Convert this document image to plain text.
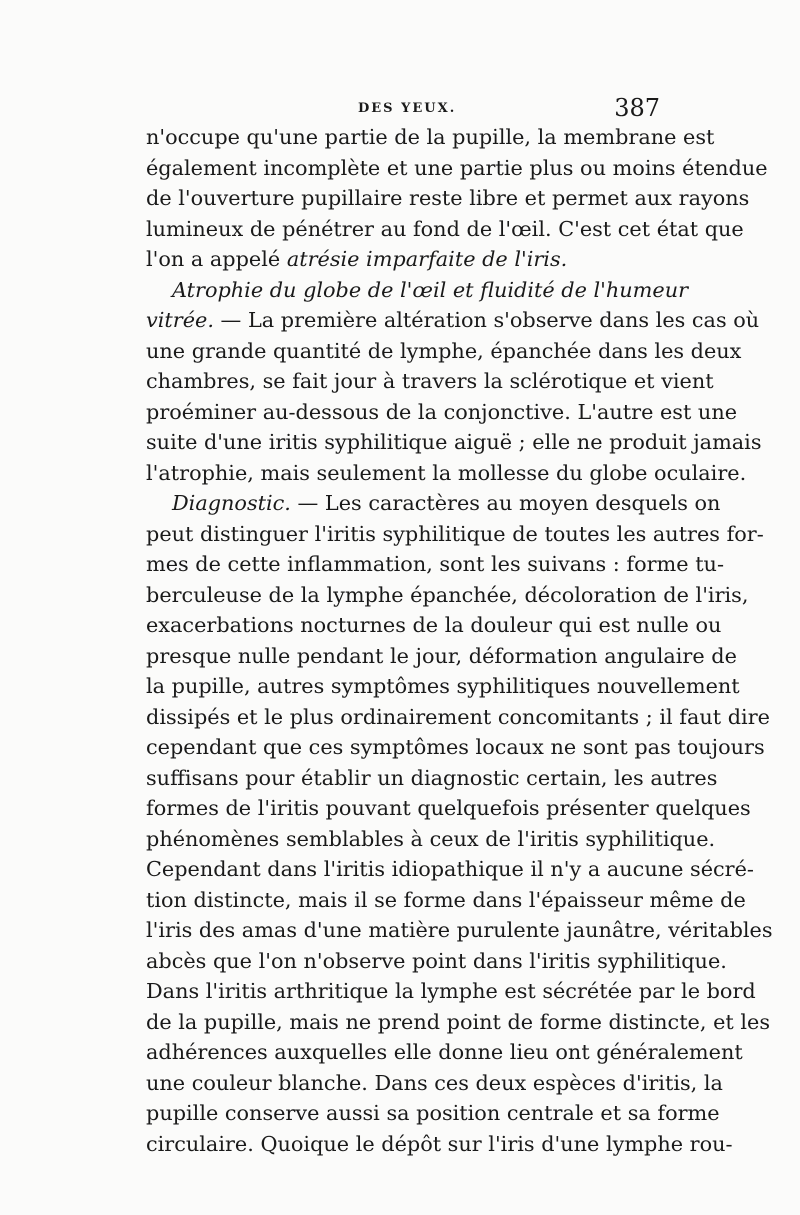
DES YEUX.	387
n'occupe qu'une partie de la pupille, la membrane est
également incomplète et une partie plus ou moins étendue
de l'ouverture pupillaire reste libre et permet aux rayons
lumineux de pénétrer au fond de l'œil. C'est cet état que
l'on a appelé atrésie imparfaite de l'iris.
Atrophie du globe de l'œil et fluidité de l'humeur
vitrée. — La première altération s'observe dans les cas où
une grande quantité de lymphe, épanchée dans les deux
chambres, se fait jour à travers la sclérotique et vient
proéminer au-dessous de la conjonctive. L'autre est une
suite d'une iritis syphilitique aiguë ; elle ne produit jamais
l'atrophie, mais seulement la mollesse du globe oculaire.
Diagnostic. — Les caractères au moyen desquels on
peut distinguer l'iritis syphilitique de toutes les autres for-
mes de cette inflammation, sont les suivans : forme tu-
berculeuse de la lymphe épanchée, décoloration de l'iris,
exacerbations nocturnes de la douleur qui est nulle ou
presque nulle pendant le jour, déformation angulaire de
la pupille, autres symptômes syphilitiques nouvellement
dissipés et le plus ordinairement concomitants ; il faut dire
cependant que ces symptômes locaux ne sont pas toujours
suffisans pour établir un diagnostic certain, les autres
formes de l'iritis pouvant quelquefois présenter quelques
phénomènes semblables à ceux de l'iritis syphilitique.
Cependant dans l'iritis idiopathique il n'y a aucune sécré-
tion distincte, mais il se forme dans l'épaisseur même de
l'iris des amas d'une matière purulente jaunâtre, véritables
abcès que l'on n'observe point dans l'iritis syphilitique.
Dans l'iritis arthritique la lymphe est sécrétée par le bord
de la pupille, mais ne prend point de forme distincte, et les
adhérences auxquelles elle donne lieu ont généralement
une couleur blanche. Dans ces deux espèces d'iritis, la
pupille conserve aussi sa position centrale et sa forme
circulaire. Quoique le dépôt sur l'iris d'une lymphe rou-
